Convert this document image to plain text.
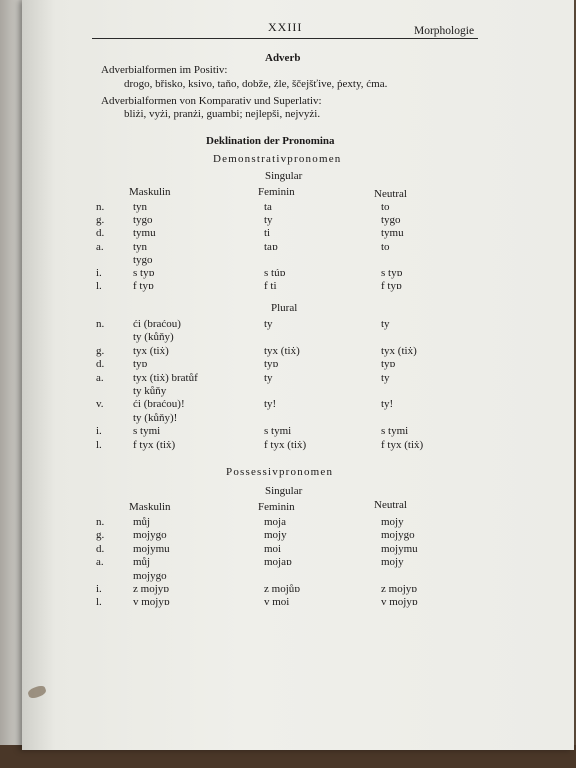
XXIII	Morphologie
Adverb
Adverbialformen im Positiv:
drogo, břisko, ksivo, taňo, dobže, źle, ščejšťive, ṕexty, ćma.
Adverbialformen von Komparativ und Superlativ:
bliżi, vyżi, pranżi, guambi; nejlepši, nejvyżi.
Deklination der Pronomina
Demonstrativpronomen
Singular
Maskulin	Feminin	Neutral
n.	tyn	ta	to
g.	tygo	ty	tygo
d.	tymu	ti	tymu
a.	tyn	taɒ	to
tygo
i.	s tyɒ	s túɒ	s tyɒ
l.	f tyɒ	f ti	f tyɒ
Plural
n.	ći (braćou)	ty	ty
ty (kůňy)
g.	tyx (tiẋ)	tyx (tiẋ)	tyx (tiẋ)
d.	tyɒ	tyɒ	tyɒ
a.	tyx (tiẋ) bratůf	ty	ty
ty kůňy
v.	ći (braćou)!	ty!	ty!
ty (kůňy)!
i.	s tymi	s tymi	s tymi
l.	f tyx (tiẋ)	f tyx (tiẋ)	f tyx (tiẋ)
Possessivpronomen
Singular
Maskulin	Feminin	Neutral
n.	můj	moja	mojy
g.	mojygo	mojy	mojygo
d.	mojymu	moi	mojymu
a.	můj	mojaɒ	mojy
mojygo
i.	z mojyɒ	z mojůɒ	z mojyɒ
l.	v mojyɒ	v moi	v mojyɒ
